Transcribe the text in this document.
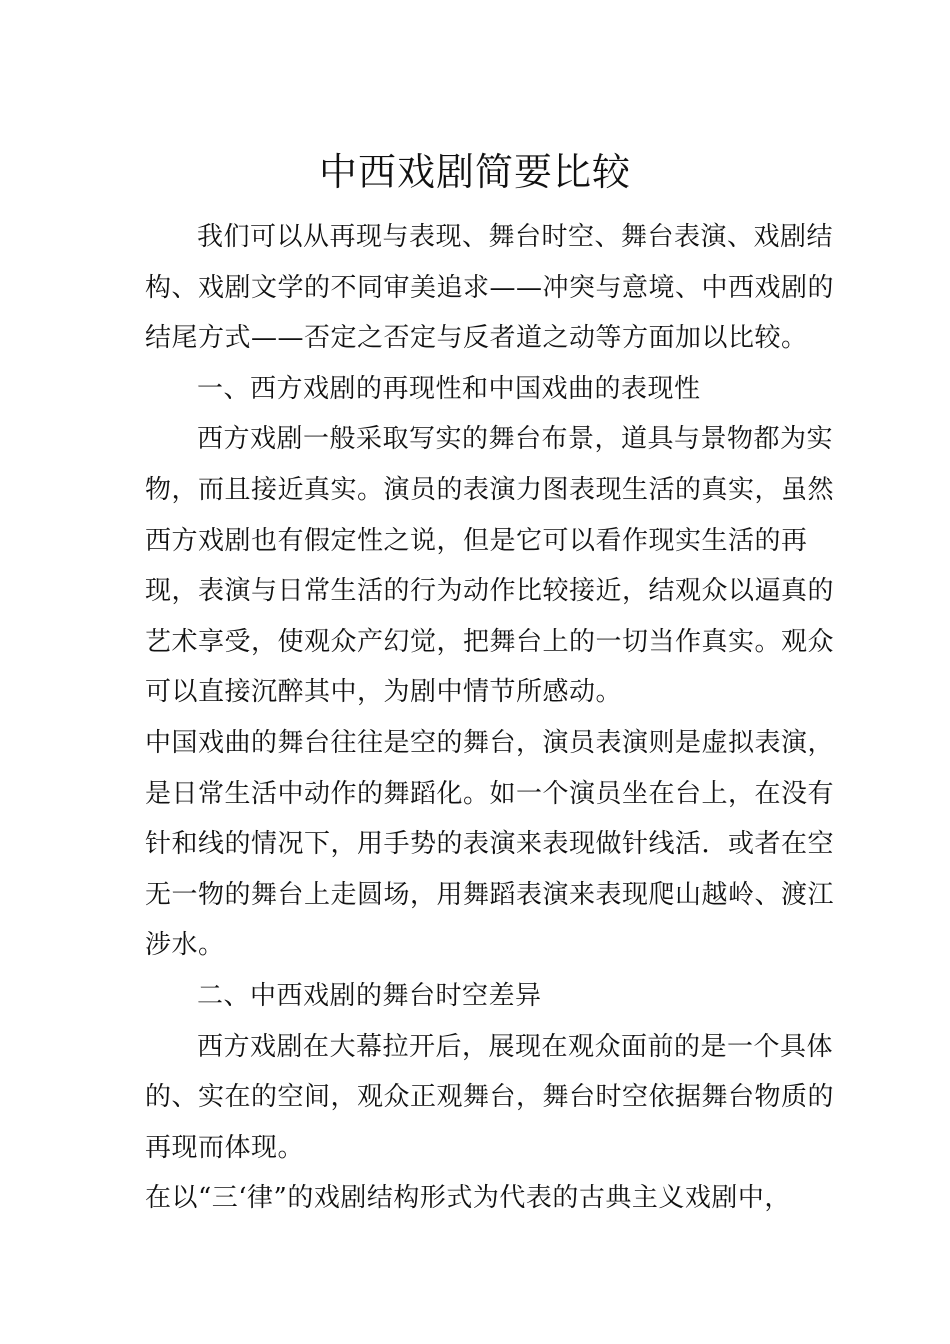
中西戏剧简要比较
我们可以从再现与表现、舞台时空、舞台表演、戏剧结
构、戏剧文学的不同审美追求——冲突与意境、中西戏剧的
结尾方式——否定之否定与反者道之动等方面加以比较。
一、西方戏剧的再现性和中国戏曲的表现性
西方戏剧一般采取写实的舞台布景，道具与景物都为实
物，而且接近真实。演员的表演力图表现生活的真实，虽然
西方戏剧也有假定性之说，但是它可以看作现实生活的再
现，表演与日常生活的行为动作比较接近，结观众以逼真的
艺术享受，使观众产幻觉，把舞台上的一切当作真实。观众
可以直接沉醉其中，为剧中情节所感动。
中国戏曲的舞台往往是空的舞台，演员表演则是虚拟表演，
是日常生活中动作的舞蹈化。如一个演员坐在台上，在没有
针和线的情况下，用手势的表演来表现做针线活．或者在空
无一物的舞台上走圆场，用舞蹈表演来表现爬山越岭、渡江
涉水。
二、中西戏剧的舞台时空差异
西方戏剧在大幕拉开后，展现在观众面前的是一个具体
的、实在的空间，观众正观舞台，舞台时空依据舞台物质的
再现而体现。
在以“三‘律”的戏剧结构形式为代表的古典主义戏剧中，
